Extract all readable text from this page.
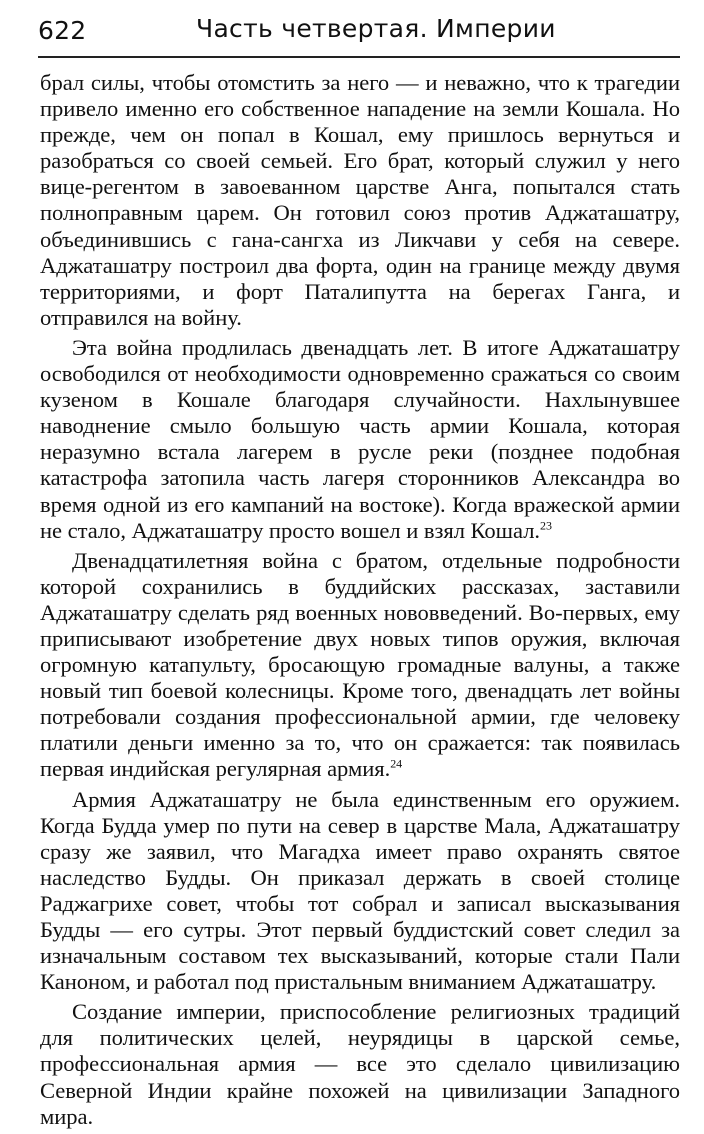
622	Часть четвертая. Империи

брал силы, чтобы отомстить за него — и неважно, что к трагедии привело именно его собственное нападение на земли Кошала. Но прежде, чем он попал в Кошал, ему пришлось вернуться и разобраться со своей семьей. Его брат, который служил у него вице-регентом в завоеванном царстве Анга, попытался стать полноправным царем. Он готовил союз против Аджаташатру, объединившись с гана-сангха из Ликчави у себя на севере. Аджаташатру построил два форта, один на границе между двумя территориями, и форт Паталипутта на берегах Ганга, и отправился на войну.

Эта война продлилась двенадцать лет. В итоге Аджаташатру освободился от необходимости одновременно сражаться со своим кузеном в Кошале благодаря случайности. Нахлынувшее наводнение смыло большую часть армии Кошала, которая неразумно встала лагерем в русле реки (позднее подобная катастрофа затопила часть лагеря сторонников Александра во время одной из его кампаний на востоке). Когда вражеской армии не стало, Аджаташатру просто вошел и взял Кошал.$^{23}$

Двенадцатилетняя война с братом, отдельные подробности которой сохранились в буддийских рассказах, заставили Аджаташатру сделать ряд военных нововведений. Во-первых, ему приписывают изобретение двух новых типов оружия, включая огромную катапульту, бросающую громадные валуны, а также новый тип боевой колесницы. Кроме того, двенадцать лет войны потребовали создания профессиональной армии, где человеку платили деньги именно за то, что он сражается: так появилась первая индийская регулярная армия.$^{24}$

Армия Аджаташатру не была единственным его оружием. Когда Будда умер по пути на север в царстве Мала, Аджаташатру сразу же заявил, что Магадха имеет право охранять святое наследство Будды. Он приказал держать в своей столице Раджагрихе совет, чтобы тот собрал и записал высказывания Будды — его сутры. Этот первый буддистский совет следил за изначальным составом тех высказываний, которые стали Пали Каноном, и работал под пристальным вниманием Аджаташатру.

Создание империи, приспособление религиозных традиций для политических целей, неурядицы в царской семье, профессиональная армия — все это сделало цивилизацию Северной Индии крайне похожей на цивилизации Западного мира.
